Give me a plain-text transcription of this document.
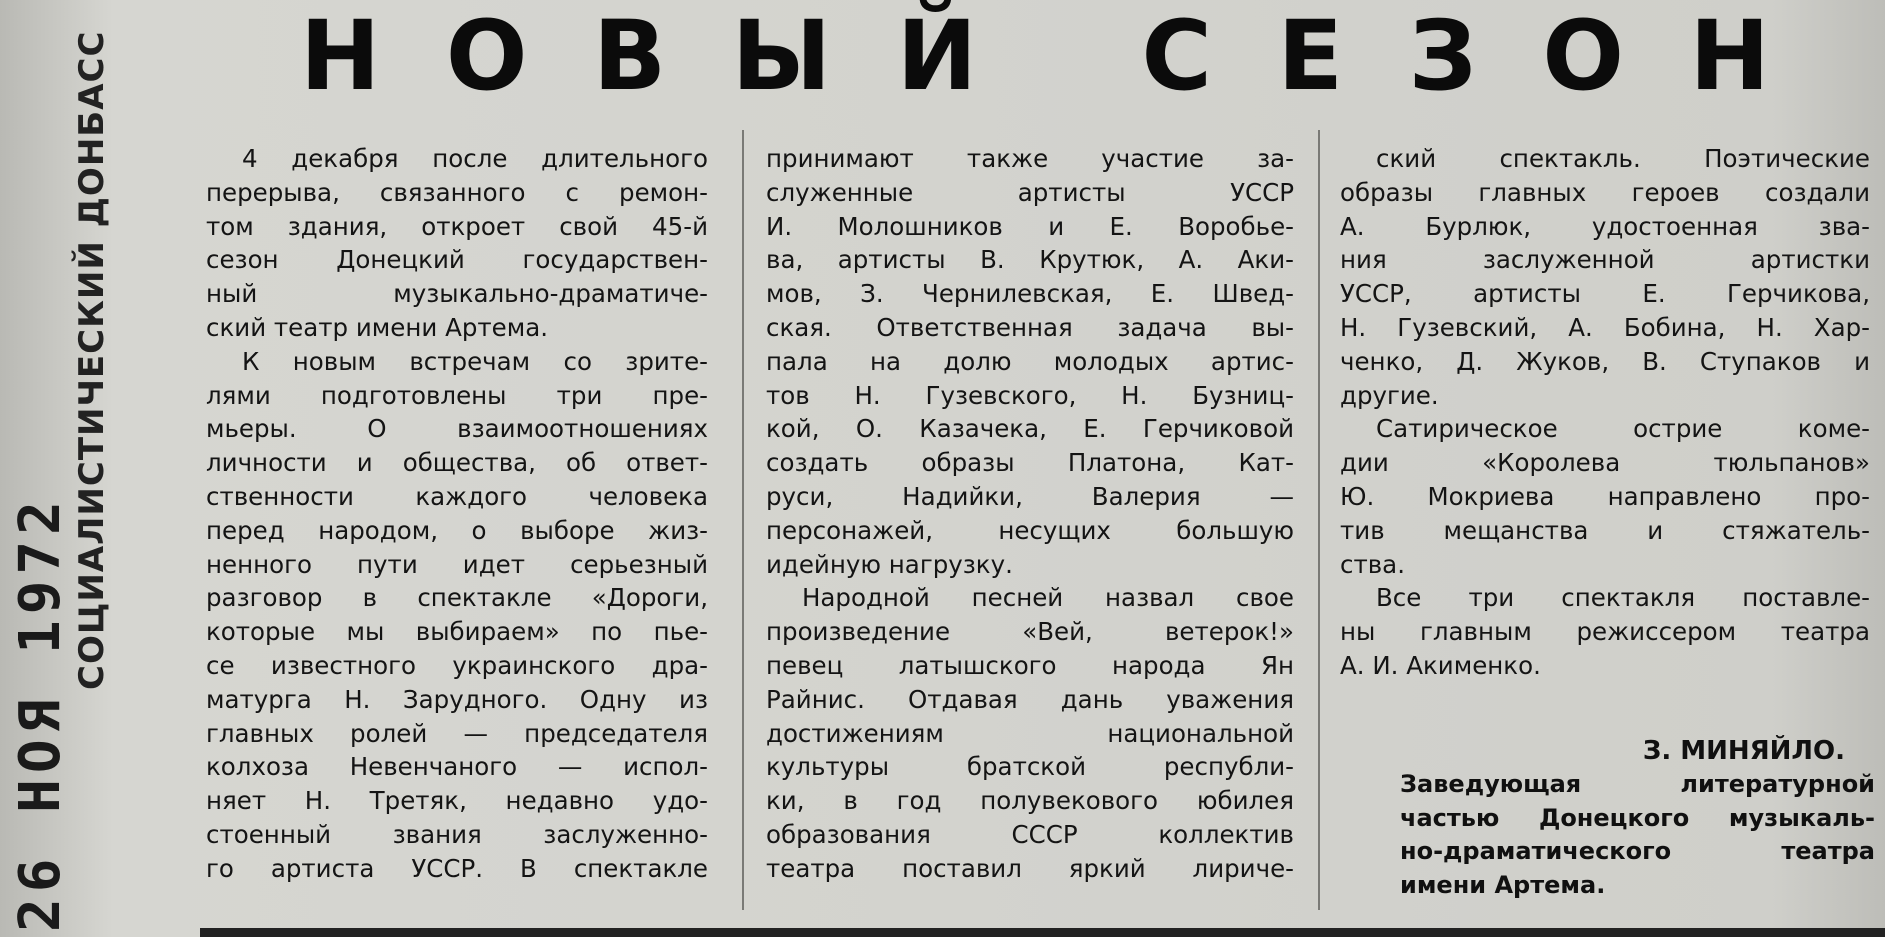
26 НОЯ 1972
СОЦИАЛИСТИЧЕСКИЙ ДОНБАСС Н О В Ы Й
С Е З О Н
4 декабря после длительного
перерыва, связанного с ремон-
том здания, откроет свой 45-й
сезон Донецкий государствен-
ный музыкально-драматиче-
ский театр имени Артема.
К новым встречам со зрите-
лями подготовлены три пре-
мьеры. О взаимоотношениях
личности и общества, об ответ-
ственности каждого человека
перед народом, о выборе жиз-
ненного пути идет серьезный
разговор в спектакле «Дороги,
которые мы выбираем» по пье-
се известного украинского дра-
матурга Н. Зарудного. Одну из
главных ролей — председателя
колхоза Невенчаного — испол-
няет Н. Третяк, недавно удо-
стоенный звания заслуженно-
го артиста УССР. В спектакле
принимают также участие за-
служенные артисты УССР
И. Молошников и Е. Воробье-
ва, артисты В. Крутюк, А. Аки-
мов, З. Чернилевская, Е. Швед-
ская. Ответственная задача вы-
пала на долю молодых артис-
тов Н. Гузевского, Н. Бузниц-
кой, О. Казачека, Е. Герчиковой
создать образы Платона, Кат-
руси, Надийки, Валерия —
персонажей, несущих большую
идейную нагрузку.
Народной песней назвал свое
произведение «Вей, ветерок!»
певец латышского народа Ян
Райнис. Отдавая дань уважения
достижениям национальной
культуры братской республи-
ки, в год полувекового юбилея
образования СССР коллектив
театра поставил яркий лириче-
ский спектакль. Поэтические
образы главных героев создали
А. Бурлюк, удостоенная зва-
ния заслуженной артистки
УССР, артисты Е. Герчикова,
Н. Гузевский, А. Бобина, Н. Хар-
ченко, Д. Жуков, В. Ступаков и
другие.
Сатирическое острие коме-
дии «Королева тюльпанов»
Ю. Мокриева направлено про-
тив мещанства и стяжатель-
ства.
Все три спектакля поставле-
ны главным режиссером театра
А. И. Акименко.
З. МИНЯЙЛО.
Заведующая литературной
частью Донецкого музыкаль-
но-драматического театра
имени Артема.
